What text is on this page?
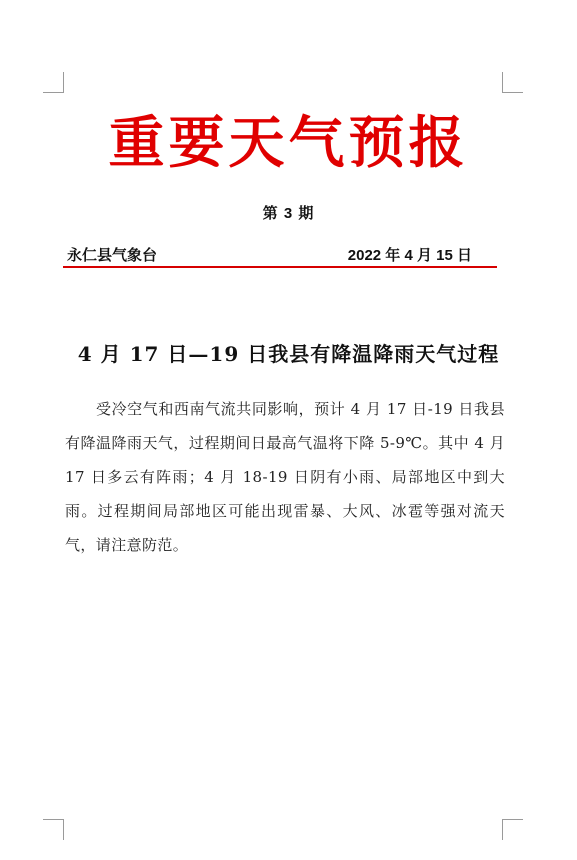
重要天气预报
第 3 期
永仁县气象台	2022 年 4 月 15 日
4 月 17 日—19 日我县有降温降雨天气过程
受冷空气和西南气流共同影响，预计 4 月 17 日-19 日我县有降温降雨天气，过程期间日最高气温将下降 5-9℃。其中 4 月 17 日多云有阵雨；4 月 18-19 日阴有小雨、局部地区中到大雨。过程期间局部地区可能出现雷暴、大风、冰雹等强对流天气，请注意防范。
